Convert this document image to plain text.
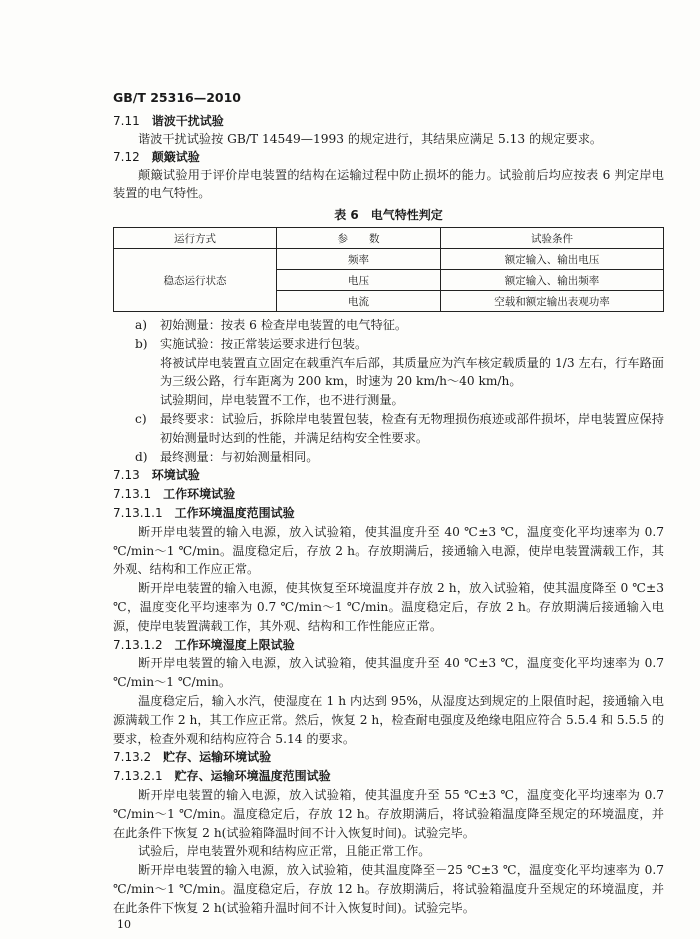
GB/T 25316—2010
7.11 谐波干扰试验
谐波干扰试验按 GB/T 14549—1993 的规定进行，其结果应满足 5.13 的规定要求。
7.12 颠簸试验
颠簸试验用于评价岸电装置的结构在运输过程中防止损坏的能力。试验前后均应按表 6 判定岸电装置的电气特性。
表 6　电气特性判定
运行方式	参　　数	试验条件
稳态运行状态	频率	额定输入、输出电压
	电压	额定输入、输出频率
	电流	空载和额定输出表观功率
a) 初始测量：按表 6 检查岸电装置的电气特征。
b) 实施试验：按正常装运要求进行包装。
将被试岸电装置直立固定在载重汽车后部，其质量应为汽车核定载质量的 1/3 左右，行车路面为三级公路，行车距离为 200 km，时速为 20 km/h～40 km/h。
试验期间，岸电装置不工作，也不进行测量。
c) 最终要求：试验后，拆除岸电装置包装，检查有无物理损伤痕迹或部件损坏，岸电装置应保持初始测量时达到的性能，并满足结构安全性要求。
d) 最终测量：与初始测量相同。
7.13 环境试验
7.13.1 工作环境试验
7.13.1.1 工作环境温度范围试验
断开岸电装置的输入电源，放入试验箱，使其温度升至 40 ℃±3 ℃，温度变化平均速率为 0.7 ℃/min～1 ℃/min。温度稳定后，存放 2 h。存放期满后，接通输入电源，使岸电装置满载工作，其外观、结构和工作应正常。
断开岸电装置的输入电源，使其恢复至环境温度并存放 2 h，放入试验箱，使其温度降至 0 ℃±3 ℃，温度变化平均速率为 0.7 ℃/min～1 ℃/min。温度稳定后，存放 2 h。存放期满后接通输入电源，使岸电装置满载工作，其外观、结构和工作性能应正常。
7.13.1.2 工作环境湿度上限试验
断开岸电装置的输入电源，放入试验箱，使其温度升至 40 ℃±3 ℃，温度变化平均速率为 0.7 ℃/min～1 ℃/min。
温度稳定后，输入水汽，使湿度在 1 h 内达到 95%，从湿度达到规定的上限值时起，接通输入电源满载工作 2 h，其工作应正常。然后，恢复 2 h，检查耐电强度及绝缘电阻应符合 5.5.4 和 5.5.5 的要求，检查外观和结构应符合 5.14 的要求。
7.13.2 贮存、运输环境试验
7.13.2.1 贮存、运输环境温度范围试验
断开岸电装置的输入电源，放入试验箱，使其温度升至 55 ℃±3 ℃，温度变化平均速率为 0.7 ℃/min～1 ℃/min。温度稳定后，存放 12 h。存放期满后，将试验箱温度降至规定的环境温度，并在此条件下恢复 2 h(试验箱降温时间不计入恢复时间)。试验完毕。
试验后，岸电装置外观和结构应正常，且能正常工作。
断开岸电装置的输入电源，放入试验箱，使其温度降至－25 ℃±3 ℃，温度变化平均速率为 0.7 ℃/min～1 ℃/min。温度稳定后，存放 12 h。存放期满后，将试验箱温度升至规定的环境温度，并在此条件下恢复 2 h(试验箱升温时间不计入恢复时间)。试验完毕。
10
